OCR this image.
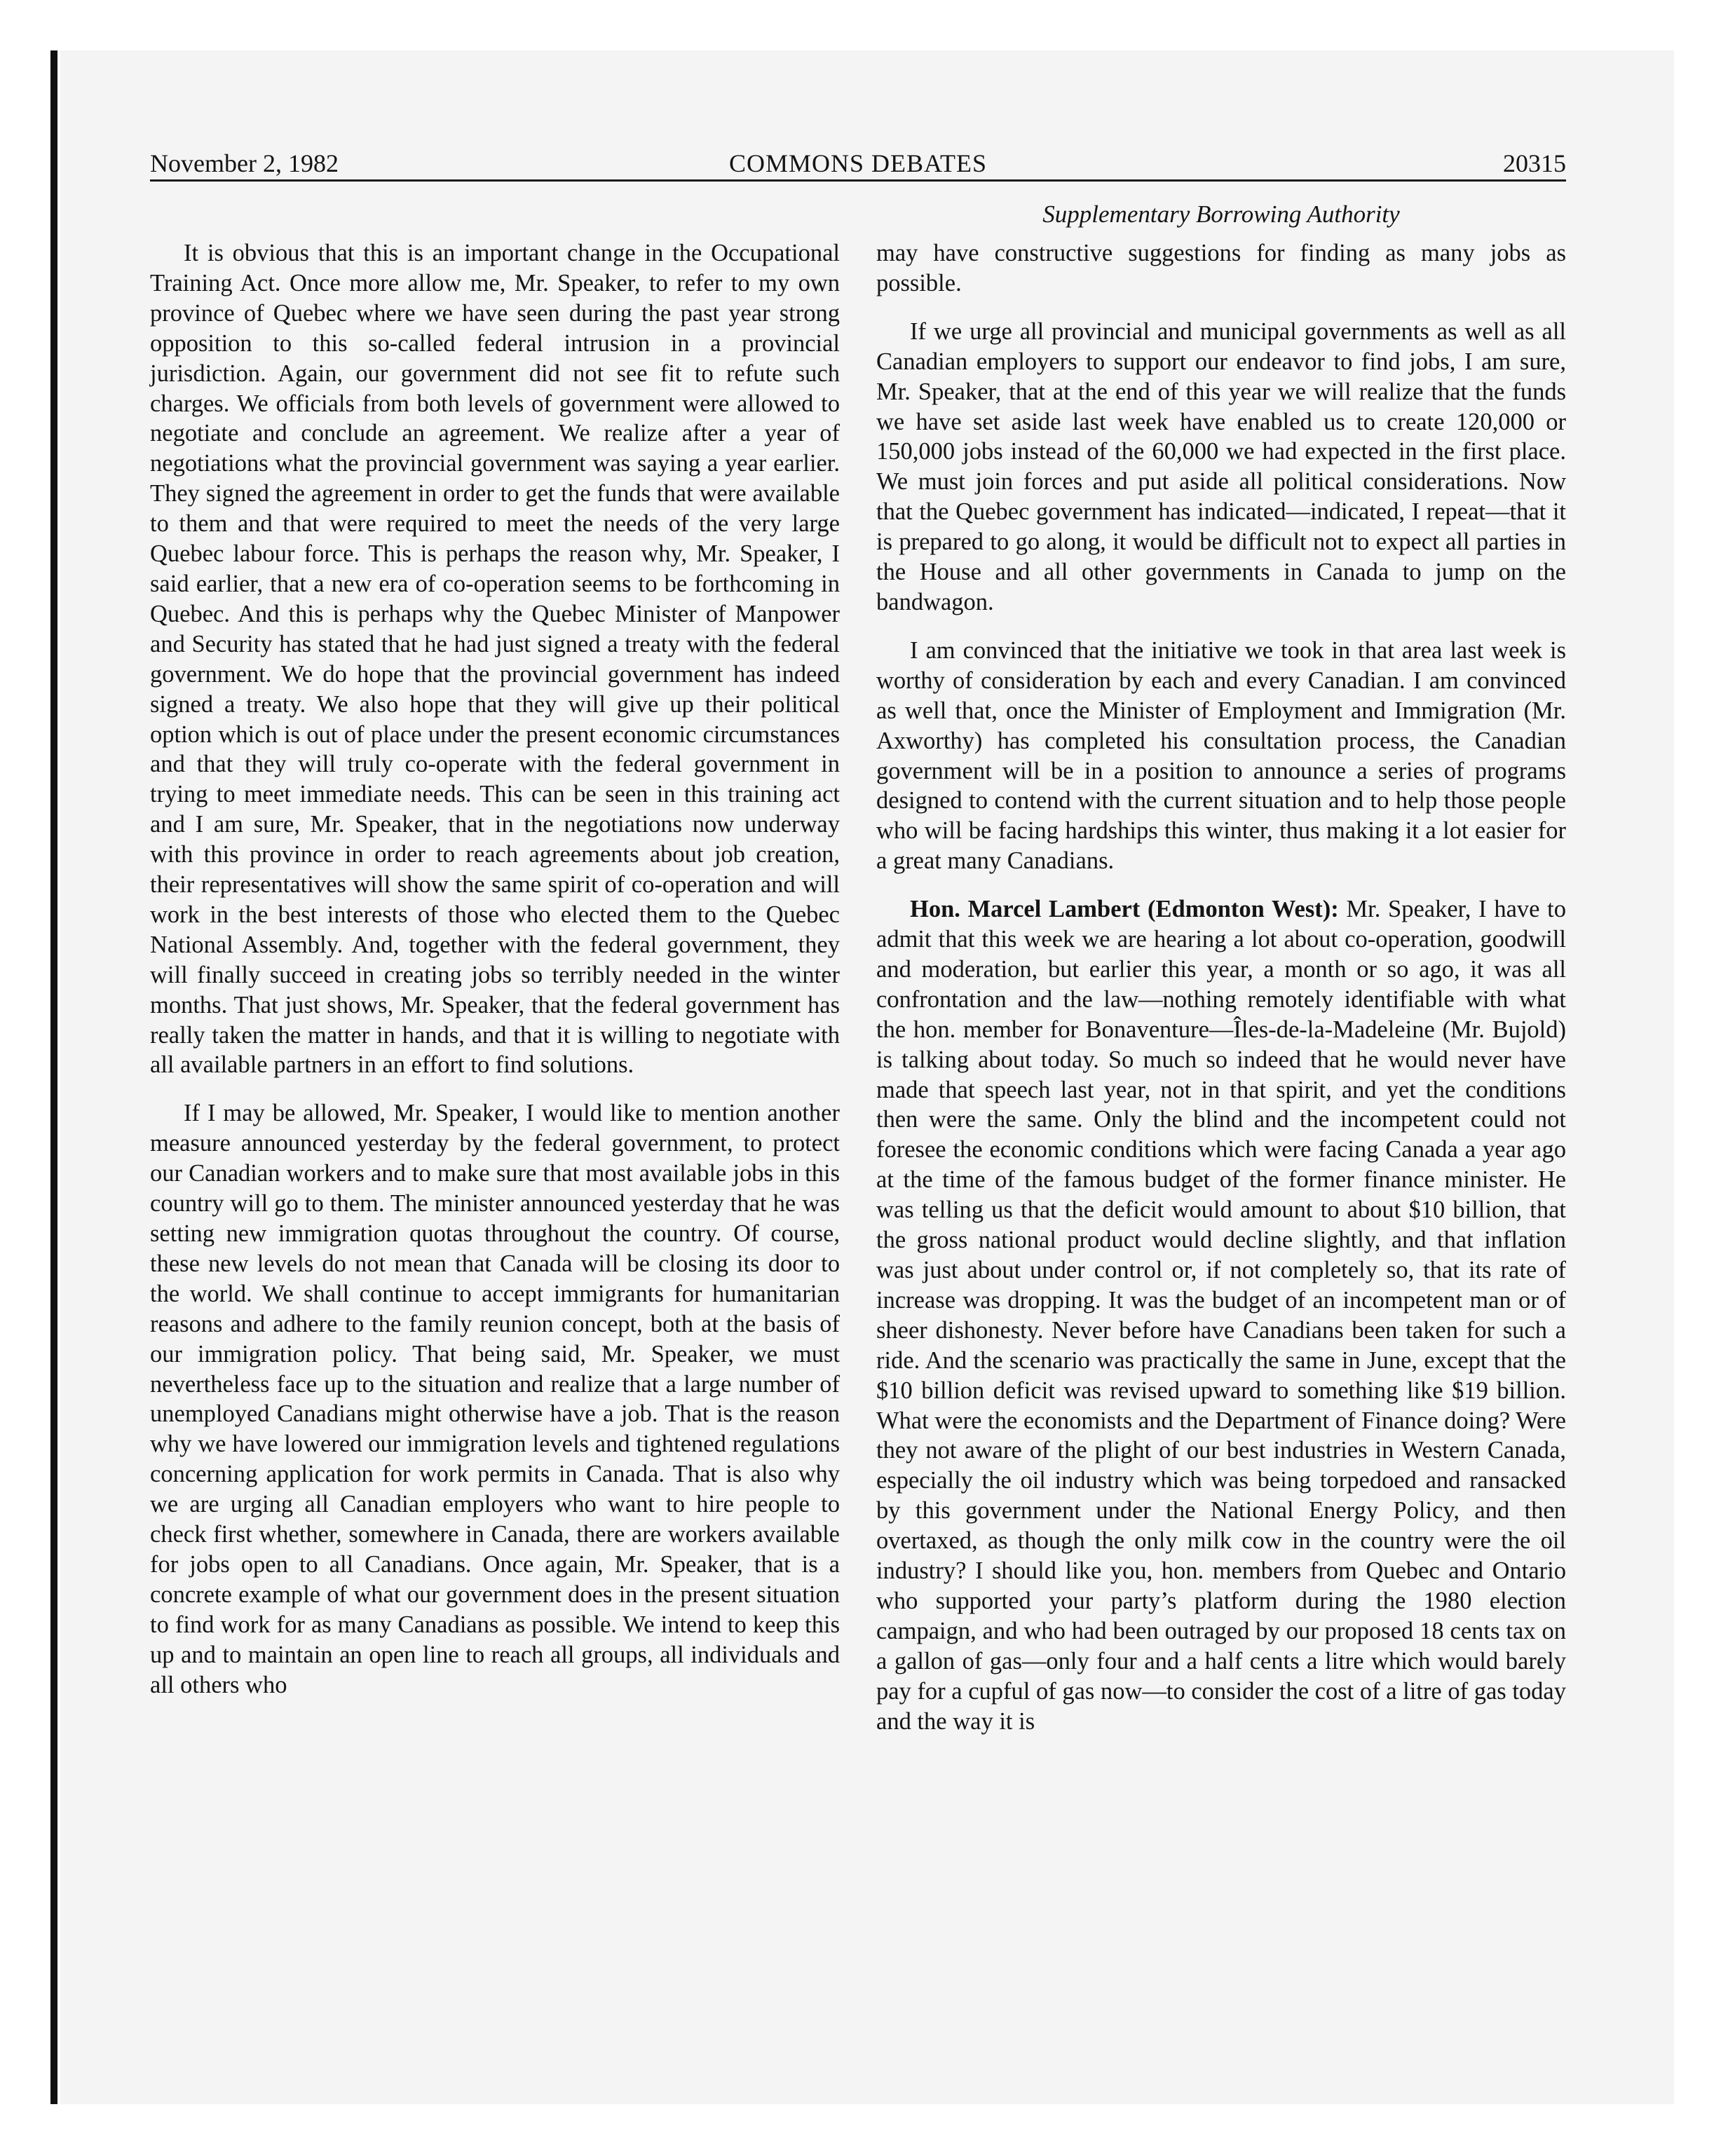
November 2, 1982	COMMONS DEBATES	20315
Supplementary Borrowing Authority

It is obvious that this is an important change in the Occupational Training Act. Once more allow me, Mr. Speaker, to refer to my own province of Quebec where we have seen during the past year strong opposition to this so-called federal intrusion in a provincial jurisdiction. Again, our government did not see fit to refute such charges. We officials from both levels of government were allowed to negotiate and conclude an agreement. We realize after a year of negotiations what the provincial government was saying a year earlier. They signed the agreement in order to get the funds that were available to them and that were required to meet the needs of the very large Quebec labour force. This is perhaps the reason why, Mr. Speaker, I said earlier, that a new era of co-operation seems to be forthcoming in Quebec. And this is perhaps why the Quebec Minister of Manpower and Security has stated that he had just signed a treaty with the federal government. We do hope that the provincial government has indeed signed a treaty. We also hope that they will give up their political option which is out of place under the present economic circumstances and that they will truly co-operate with the federal government in trying to meet immediate needs. This can be seen in this training act and I am sure, Mr. Speaker, that in the negotiations now underway with this province in order to reach agreements about job creation, their representatives will show the same spirit of co-operation and will work in the best interests of those who elected them to the Quebec National Assembly. And, together with the federal government, they will finally succeed in creating jobs so terribly needed in the winter months. That just shows, Mr. Speaker, that the federal government has really taken the matter in hands, and that it is willing to negotiate with all available partners in an effort to find solutions.

If I may be allowed, Mr. Speaker, I would like to mention another measure announced yesterday by the federal government, to protect our Canadian workers and to make sure that most available jobs in this country will go to them. The minister announced yesterday that he was setting new immigration quotas throughout the country. Of course, these new levels do not mean that Canada will be closing its door to the world. We shall continue to accept immigrants for humanitarian reasons and adhere to the family reunion concept, both at the basis of our immigration policy. That being said, Mr. Speaker, we must nevertheless face up to the situation and realize that a large number of unemployed Canadians might otherwise have a job. That is the reason why we have lowered our immigration levels and tightened regulations concerning application for work permits in Canada. That is also why we are urging all Canadian employers who want to hire people to check first whether, somewhere in Canada, there are workers available for jobs open to all Canadians. Once again, Mr. Speaker, that is a concrete example of what our government does in the present situation to find work for as many Canadians as possible. We intend to keep this up and to maintain an open line to reach all groups, all individuals and all others who

may have constructive suggestions for finding as many jobs as possible.

If we urge all provincial and municipal governments as well as all Canadian employers to support our endeavor to find jobs, I am sure, Mr. Speaker, that at the end of this year we will realize that the funds we have set aside last week have enabled us to create 120,000 or 150,000 jobs instead of the 60,000 we had expected in the first place. We must join forces and put aside all political considerations. Now that the Quebec government has indicated—indicated, I repeat—that it is prepared to go along, it would be difficult not to expect all parties in the House and all other governments in Canada to jump on the bandwagon.

I am convinced that the initiative we took in that area last week is worthy of consideration by each and every Canadian. I am convinced as well that, once the Minister of Employment and Immigration (Mr. Axworthy) has completed his consultation process, the Canadian government will be in a position to announce a series of programs designed to contend with the current situation and to help those people who will be facing hardships this winter, thus making it a lot easier for a great many Canadians.

Hon. Marcel Lambert (Edmonton West): Mr. Speaker, I have to admit that this week we are hearing a lot about co-operation, goodwill and moderation, but earlier this year, a month or so ago, it was all confrontation and the law—nothing remotely identifiable with what the hon. member for Bonaventure—Îles-de-la-Madeleine (Mr. Bujold) is talking about today. So much so indeed that he would never have made that speech last year, not in that spirit, and yet the conditions then were the same. Only the blind and the incompetent could not foresee the economic conditions which were facing Canada a year ago at the time of the famous budget of the former finance minister. He was telling us that the deficit would amount to about $10 billion, that the gross national product would decline slightly, and that inflation was just about under control or, if not completely so, that its rate of increase was dropping. It was the budget of an incompetent man or of sheer dishonesty. Never before have Canadians been taken for such a ride. And the scenario was practically the same in June, except that the $10 billion deficit was revised upward to something like $19 billion. What were the economists and the Department of Finance doing? Were they not aware of the plight of our best industries in Western Canada, especially the oil industry which was being torpedoed and ransacked by this government under the National Energy Policy, and then overtaxed, as though the only milk cow in the country were the oil industry? I should like you, hon. members from Quebec and Ontario who supported your party’s platform during the 1980 election campaign, and who had been outraged by our proposed 18 cents tax on a gallon of gas—only four and a half cents a litre which would barely pay for a cupful of gas now—to consider the cost of a litre of gas today and the way it is
